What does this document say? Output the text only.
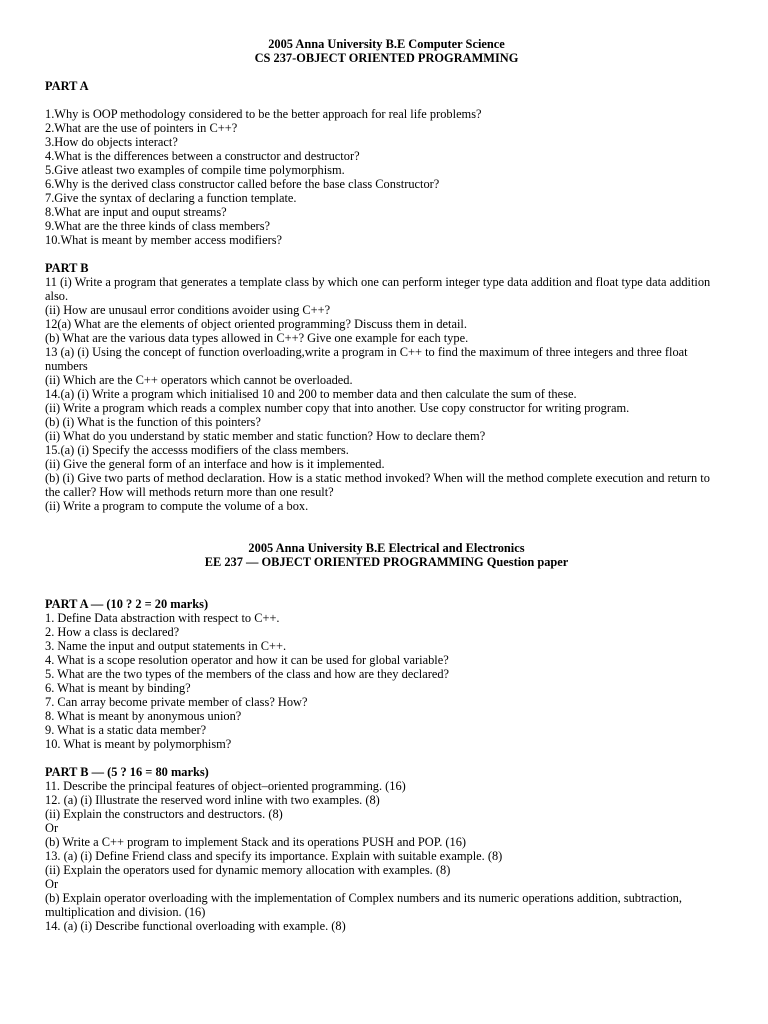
2005 Anna University B.E Computer Science
CS 237-OBJECT ORIENTED PROGRAMMING
PART A
1.Why is OOP methodology considered to be the better approach for real life problems?
2.What are the use of pointers in C++?
3.How do objects interact?
4.What is the differences between a constructor and destructor?
5.Give atleast two examples of compile time polymorphism.
6.Why is the derived class constructor called before the base class Constructor?
7.Give the syntax of declaring a function template.
8.What are input and ouput streams?
9.What are the three kinds of class members?
10.What is meant by member access modifiers?
PART B
11 (i) Write a program that generates a template class by which one can perform integer type data addition and float type data addition also.
(ii) How are unusaul error conditions avoider using C++?
12(a) What are the elements of object oriented programming? Discuss them in detail.
(b) What are the various data types allowed in C++? Give one example for each type.
13 (a) (i) Using the concept of function overloading,write a program in C++ to find the maximum of three integers and three float numbers
(ii) Which are the C++ operators which cannot be overloaded.
14.(a) (i) Write a program which initialised 10 and 200 to member data and then calculate the sum of these.
(ii) Write a program which reads a complex number copy that into another. Use copy constructor for writing program.
(b) (i) What is the function of this pointers?
(ii) What do you understand by static member and static function? How to declare them?
15.(a) (i) Specify the accesss modifiers of the class members.
(ii) Give the general form of an interface and how is it implemented.
(b) (i) Give two parts of method declaration. How is a static method invoked? When will the method complete execution and return to the caller? How will methods return more than one result?
(ii) Write a program to compute the volume of a box.
2005 Anna University B.E Electrical and Electronics
EE 237 — OBJECT ORIENTED PROGRAMMING Question paper
PART A — (10 ? 2 = 20 marks)
1. Define Data abstraction with respect to C++.
2. How a class is declared?
3. Name the input and output statements in C++.
4. What is a scope resolution operator and how it can be used for global variable?
5. What are the two types of the members of the class and how are they declared?
6. What is meant by binding?
7. Can array become private member of class? How?
8. What is meant by anonymous union?
9. What is a static data member?
10. What is meant by polymorphism?
PART B — (5 ? 16 = 80 marks)
11. Describe the principal features of object–oriented programming. (16)
12. (a) (i) Illustrate the reserved word inline with two examples. (8)
(ii) Explain the constructors and destructors. (8)
Or
(b) Write a C++ program to implement Stack and its operations PUSH and POP. (16)
13. (a) (i) Define Friend class and specify its importance. Explain with suitable example. (8)
(ii) Explain the operators used for dynamic memory allocation with examples. (8)
Or
(b) Explain operator overloading with the implementation of Complex numbers and its numeric operations addition, subtraction, multiplication and division. (16)
14. (a) (i) Describe functional overloading with example. (8)
